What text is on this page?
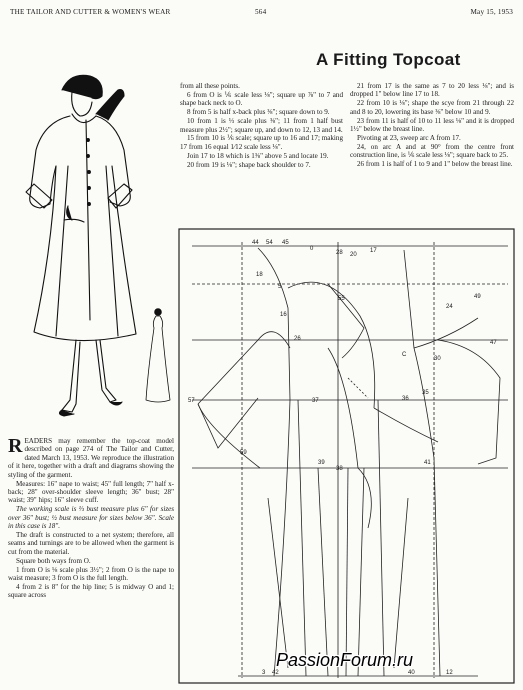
THE TAILOR AND CUTTER & WOMEN'S WEAR	564	May 15, 1953
A Fitting Topcoat

READERS may remember the top-coat model described on page 274 of The Tailor and Cutter, dated March 13, 1953. We reproduce the illustration of it here, together with a draft and diagrams showing the styling of the garment.

Measures: 16" nape to waist; 45" full length; 7" half x-back; 28" over-shoulder sleeve length; 36" bust; 28" waist; 39" hips; 16" sleeve cuff.

The working scale is ⅓ bust measure plus 6" for sizes over 36" bust; ½ bust measure for sizes below 36". Scale in this case is 18".

The draft is constructed to a net system; therefore, all seams and turnings are to be allowed when the garment is cut from the material.

Square both ways from O.

1 from O is ⅛ scale plus 3½"; 2 from O is the nape to waist measure; 3 from O is the full length.

4 from 2 is 8" for the hip line; 5 is midway O and 1; square across

from all these points.

6 from O is ⅙ scale less ⅛"; square up ⅞" to 7 and shape back neck to O.

8 from 5 is half x-back plus ⅜"; square down to 9.

10 from 1 is ⅓ scale plus ⅜"; 11 from 1 half bust measure plus 2½"; square up, and down to 12, 13 and 14.

15 from 10 is ⅙ scale; square up to 16 and 17; making 17 from 16 equal 1⁄12 scale less ⅛".

Join 17 to 18 which is 1⅜" above 5 and locate 19.

20 from 19 is ⅛"; shape back shoulder to 7.

21 from 17 is the same as 7 to 20 less ⅛"; and is dropped 1" below line 17 to 18.

22 from 10 is ⅛"; shape the scye from 21 through 22 and 8 to 20, lowering its base ⅜" below 10 and 9.

23 from 11 is half of 10 to 11 less ⅛" and it is dropped 1½" below the breast line.

Pivoting at 23, sweep arc A from 17.

24, on arc A and at 90° from the centre front construction line, is ⅙ scale less ⅛"; square back to 25.

26 from 1 is half of 1 to 9 and 1" below the breast line.

44 54 45
0
28 20
17
18
5
55
24
16
49
26
C
30
47
36
35
57	37
59
39	41
38
3 42	40	12
PassionForum.ru
